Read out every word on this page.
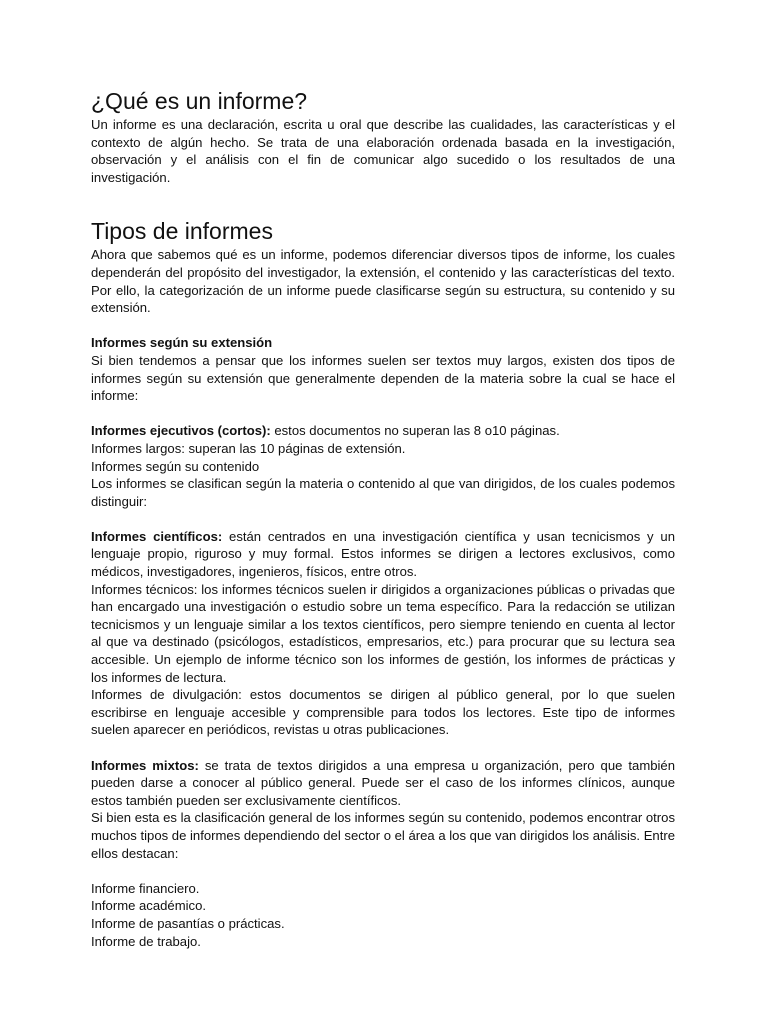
¿Qué es un informe?

Un informe es una declaración, escrita u oral que describe las cualidades, las características y el contexto de algún hecho. Se trata de una elaboración ordenada basada en la investigación, observación y el análisis con el fin de comunicar algo sucedido o los resultados de una investigación.

Tipos de informes

Ahora que sabemos qué es un informe, podemos diferenciar diversos tipos de informe, los cuales dependerán del propósito del investigador, la extensión, el contenido y las características del texto. Por ello, la categorización de un informe puede clasificarse según su estructura, su contenido y su extensión.

Informes según su extensión

Si bien tendemos a pensar que los informes suelen ser textos muy largos, existen dos tipos de informes según su extensión que generalmente dependen de la materia sobre la cual se hace el informe:

Informes ejecutivos (cortos): estos documentos no superan las 8 o10 páginas.

Informes largos: superan las 10 páginas de extensión.

Informes según su contenido

Los informes se clasifican según la materia o contenido al que van dirigidos, de los cuales podemos distinguir:

Informes científicos: están centrados en una investigación científica y usan tecnicismos y un lenguaje propio, riguroso y muy formal. Estos informes se dirigen a lectores exclusivos, como médicos, investigadores, ingenieros, físicos, entre otros.

Informes técnicos: los informes técnicos suelen ir dirigidos a organizaciones públicas o privadas que han encargado una investigación o estudio sobre un tema específico. Para la redacción se utilizan tecnicismos y un lenguaje similar a los textos científicos, pero siempre teniendo en cuenta al lector al que va destinado (psicólogos, estadísticos, empresarios, etc.) para procurar que su lectura sea accesible. Un ejemplo de informe técnico son los informes de gestión, los informes de prácticas y los informes de lectura.

Informes de divulgación: estos documentos se dirigen al público general, por lo que suelen escribirse en lenguaje accesible y comprensible para todos los lectores. Este tipo de informes suelen aparecer en periódicos, revistas u otras publicaciones.

Informes mixtos: se trata de textos dirigidos a una empresa u organización, pero que también pueden darse a conocer al público general. Puede ser el caso de los informes clínicos, aunque estos también pueden ser exclusivamente científicos.

Si bien esta es la clasificación general de los informes según su contenido, podemos encontrar otros muchos tipos de informes dependiendo del sector o el área a los que van dirigidos los análisis. Entre ellos destacan:

Informe financiero.

Informe académico.

Informe de pasantías o prácticas.

Informe de trabajo.
